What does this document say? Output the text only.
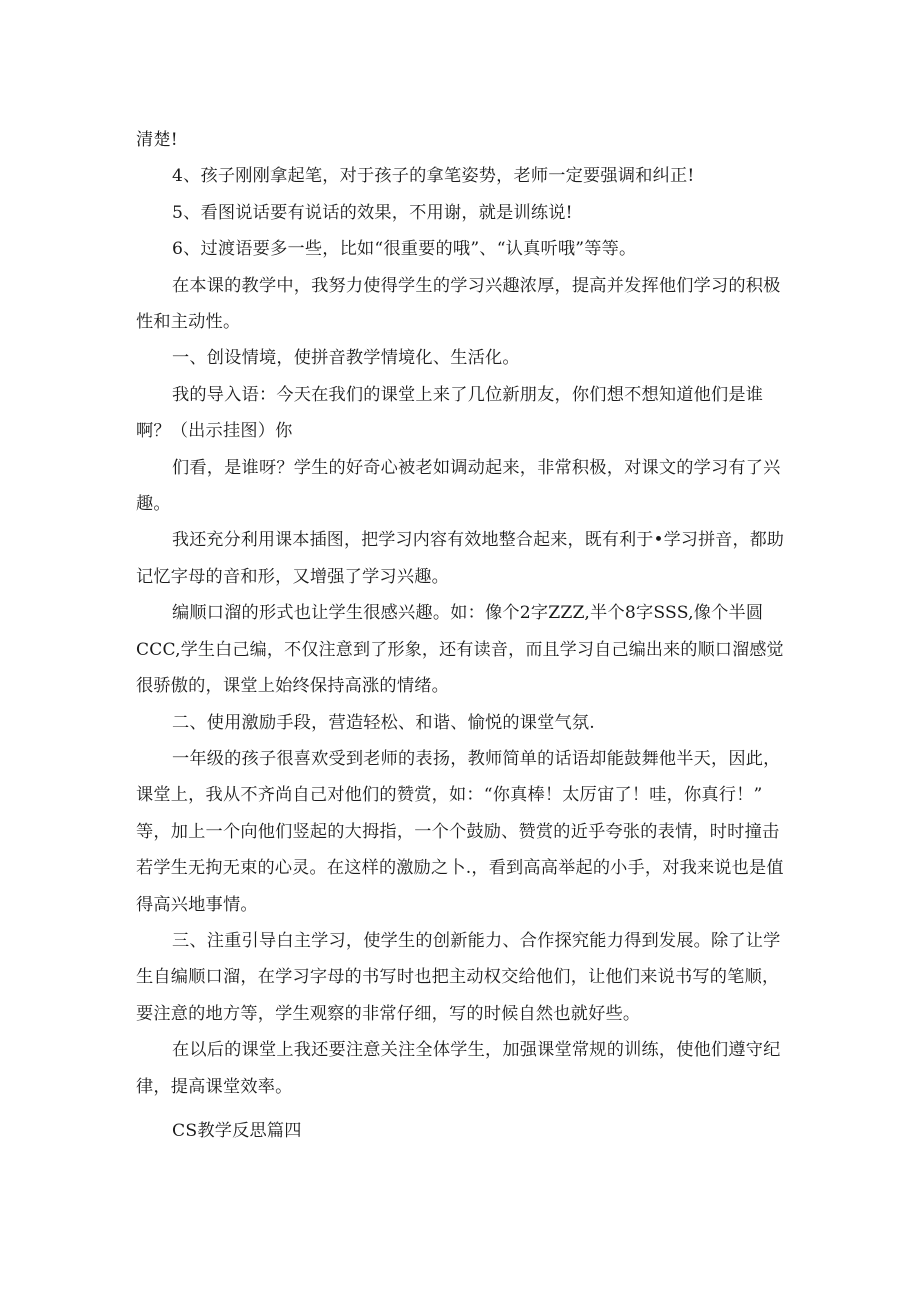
清楚!
4、孩子刚刚拿起笔，对于孩子的拿笔姿势，老师一定要强调和纠正!
5、看图说话要有说话的效果，不用谢，就是训练说!
6、过渡语要多一些，比如“很重要的哦”、“认真听哦”等等。
在本课的教学中，我努力使得学生的学习兴趣浓厚，提高并发挥他们学习的积极
性和主动性。
一、创设情境，使拼音教学情境化、生活化。
我的导入语：今天在我们的课堂上来了几位新朋友，你们想不想知道他们是谁
啊？（出示挂图）你
们看，是谁呀？学生的好奇心被老如调动起来，非常积极，对课文的学习有了兴
趣。
我还充分利用课本插图，把学习内容有效地整合起来，既有利于•学习拼音，都助
记忆字母的音和形，又增强了学习兴趣。
编顺口溜的形式也让学生很感兴趣。如：像个2字ZZZ,半个8字SSS,像个半圆
CCC,学生白己编，不仅注意到了形象，还有读音，而且学习自己编出来的顺口溜感觉
很骄傲的，课堂上始终保持高涨的情绪。
二、使用激励手段，营造轻松、和谐、愉悦的课堂气氛.
一年级的孩子很喜欢受到老师的表扬，教师简单的话语却能鼓舞他半天，因此，
课堂上，我从不齐尚自己对他们的赞赏，如：“你真棒！太厉宙了！哇，你真行！”
等，加上一个向他们竖起的大拇指，一个个鼓励、赞赏的近乎夸张的表情，时时撞击
若学生无拘无束的心灵。在这样的激励之卜.，看到高高举起的小手，对我来说也是值
得高兴地事情。
三、注重引导白主学习，使学生的创新能力、合作探究能力得到发展。除了让学
生自编顺口溜，在学习字母的书写时也把主动权交给他们，让他们来说书写的笔顺，
要注意的地方等，学生观察的非常仔细，写的时候自然也就好些。
在以后的课堂上我还要注意关注全体学生，加强课堂常规的训练，使他们遵守纪
律，提高课堂效率。
CS教学反思篇四
